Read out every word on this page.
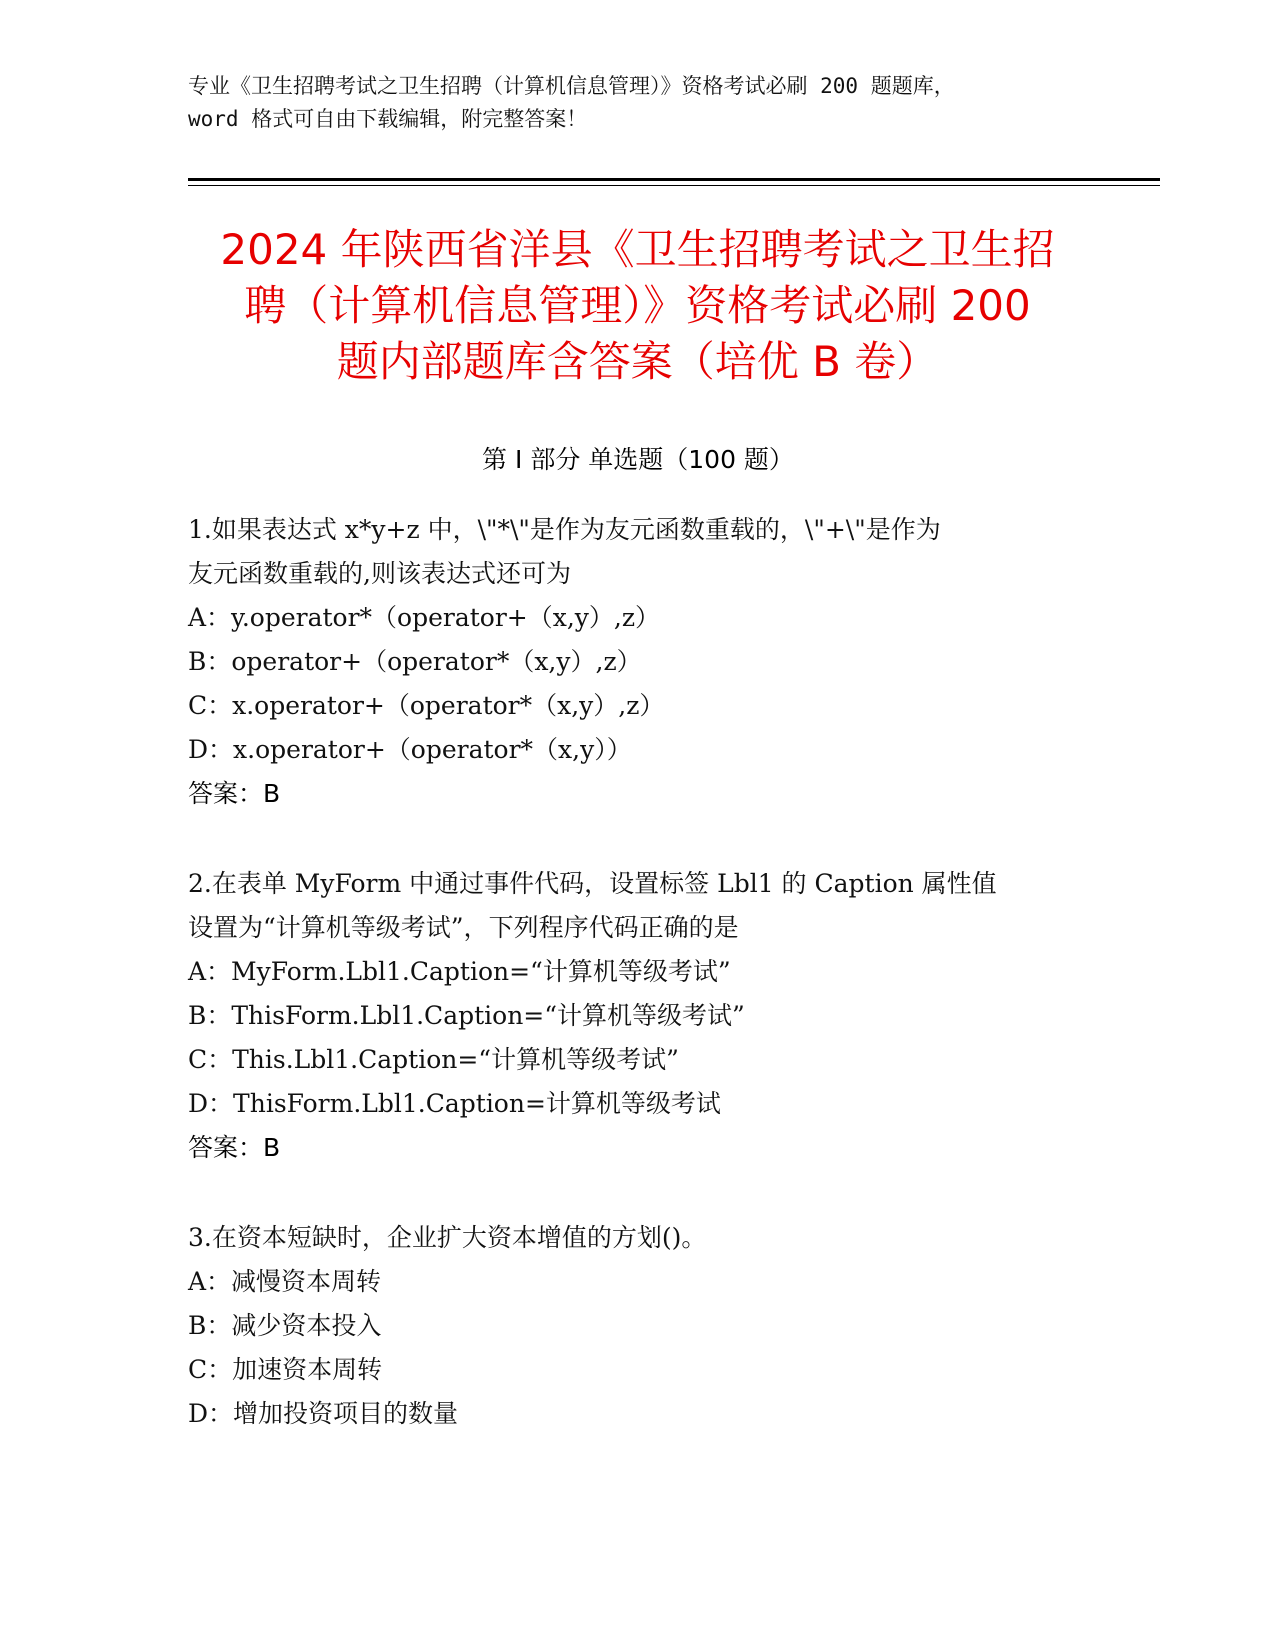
专业《卫生招聘考试之卫生招聘（计算机信息管理）》资格考试必刷 200 题题库，
word 格式可自由下载编辑，附完整答案！
2024 年陕西省洋县《卫生招聘考试之卫生招
聘（计算机信息管理）》资格考试必刷 200
题内部题库含答案（培优 B 卷）
第 I 部分 单选题（100 题）
1.如果表达式 x*y+z 中，\"*\"是作为友元函数重载的，\"+\"是作为
友元函数重载的,则该表达式还可为
A：y.operator*（operator+（x,y）,z）
B：operator+（operator*（x,y）,z）
C：x.operator+（operator*（x,y）,z）
D：x.operator+（operator*（x,y））
答案：B
2.在表单 MyForm 中通过事件代码，设置标签 Lbl1 的 Caption 属性值
设置为“计算机等级考试”，下列程序代码正确的是
A：MyForm.Lbl1.Caption=“计算机等级考试”
B：ThisForm.Lbl1.Caption=“计算机等级考试”
C：This.Lbl1.Caption=“计算机等级考试”
D：ThisForm.Lbl1.Caption=计算机等级考试
答案：B
3.在资本短缺时，企业扩大资本增值的方划()。
A：减慢资本周转
B：减少资本投入
C：加速资本周转
D：增加投资项目的数量
